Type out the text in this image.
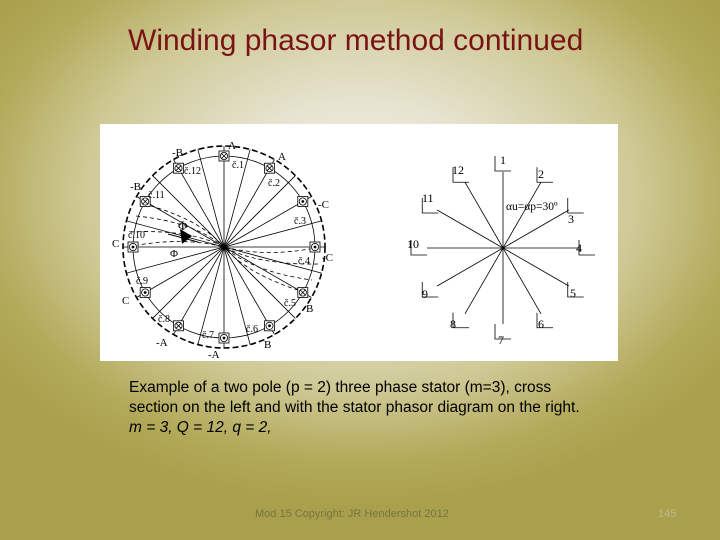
Winding phasor method continued
Φ
Φ
A
-B	A
-B
-C
C
-C
C
B
-A	B
-A
č.1
č.2
č.3
č.4
č.5
č.6
č.7
č.8
č.9
č.10
č.11
č.12
1
2
3
4
5
6
7
8
9
10
11
12
αu=αp=30º
Example of a two pole (p = 2) three phase stator (m=3), cross
section on the left and with the stator phasor diagram on the right.
m = 3, Q = 12, q = 2,
Mod 15 Copyright: JR Hendershot 2012	145
